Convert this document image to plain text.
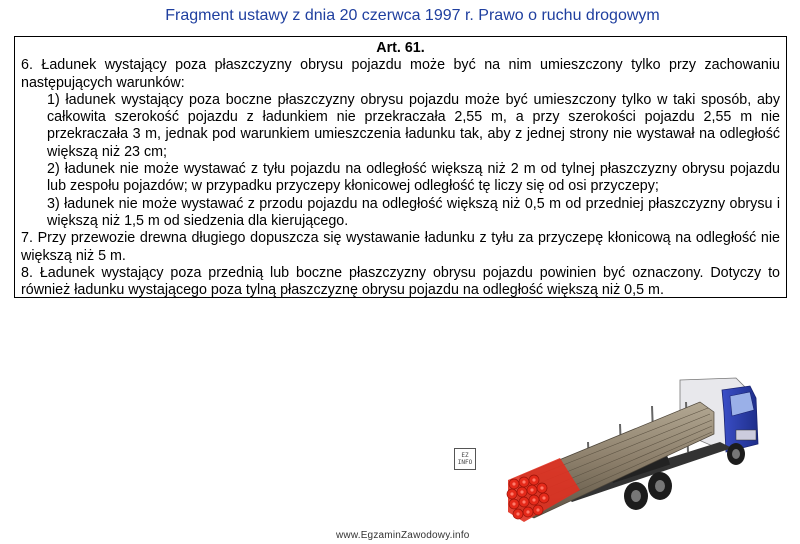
Fragment ustawy z dnia 20 czerwca 1997 r. Prawo o ruchu drogowym
Art. 61.

6. Ładunek wystający poza płaszczyzny obrysu pojazdu może być na nim umieszczony tylko przy zachowaniu następujących warunków:

1) ładunek wystający poza boczne płaszczyzny obrysu pojazdu może być umieszczony tylko w taki sposób, aby całkowita szerokość pojazdu z ładunkiem nie przekraczała 2,55 m, a przy szerokości pojazdu 2,55 m nie przekraczała 3 m, jednak pod warunkiem umieszczenia ładunku tak, aby z jednej strony nie wystawał na odległość większą niż 23 cm;

2) ładunek nie może wystawać z tyłu pojazdu na odległość większą niż 2 m od tylnej płaszczyzny obrysu pojazdu lub zespołu pojazdów; w przypadku przyczepy kłonicowej odległość tę liczy się od osi przyczepy;

3) ładunek nie może wystawać z przodu pojazdu na odległość większą niż 0,5 m od przedniej płaszczyzny obrysu i większą niż 1,5 m od siedzenia dla kierującego.

7. Przy przewozie drewna długiego dopuszcza się wystawanie ładunku z tyłu za przyczepę kłonicową na odległość nie większą niż 5 m.

8. Ładunek wystający poza przednią lub boczne płaszczyzny obrysu pojazdu powinien być oznaczony. Dotyczy to również ładunku wystającego poza tylną płaszczyznę obrysu pojazdu na odległość większą niż 0,5 m.

EZ
INFO
www.EgzaminZawodowy.info
